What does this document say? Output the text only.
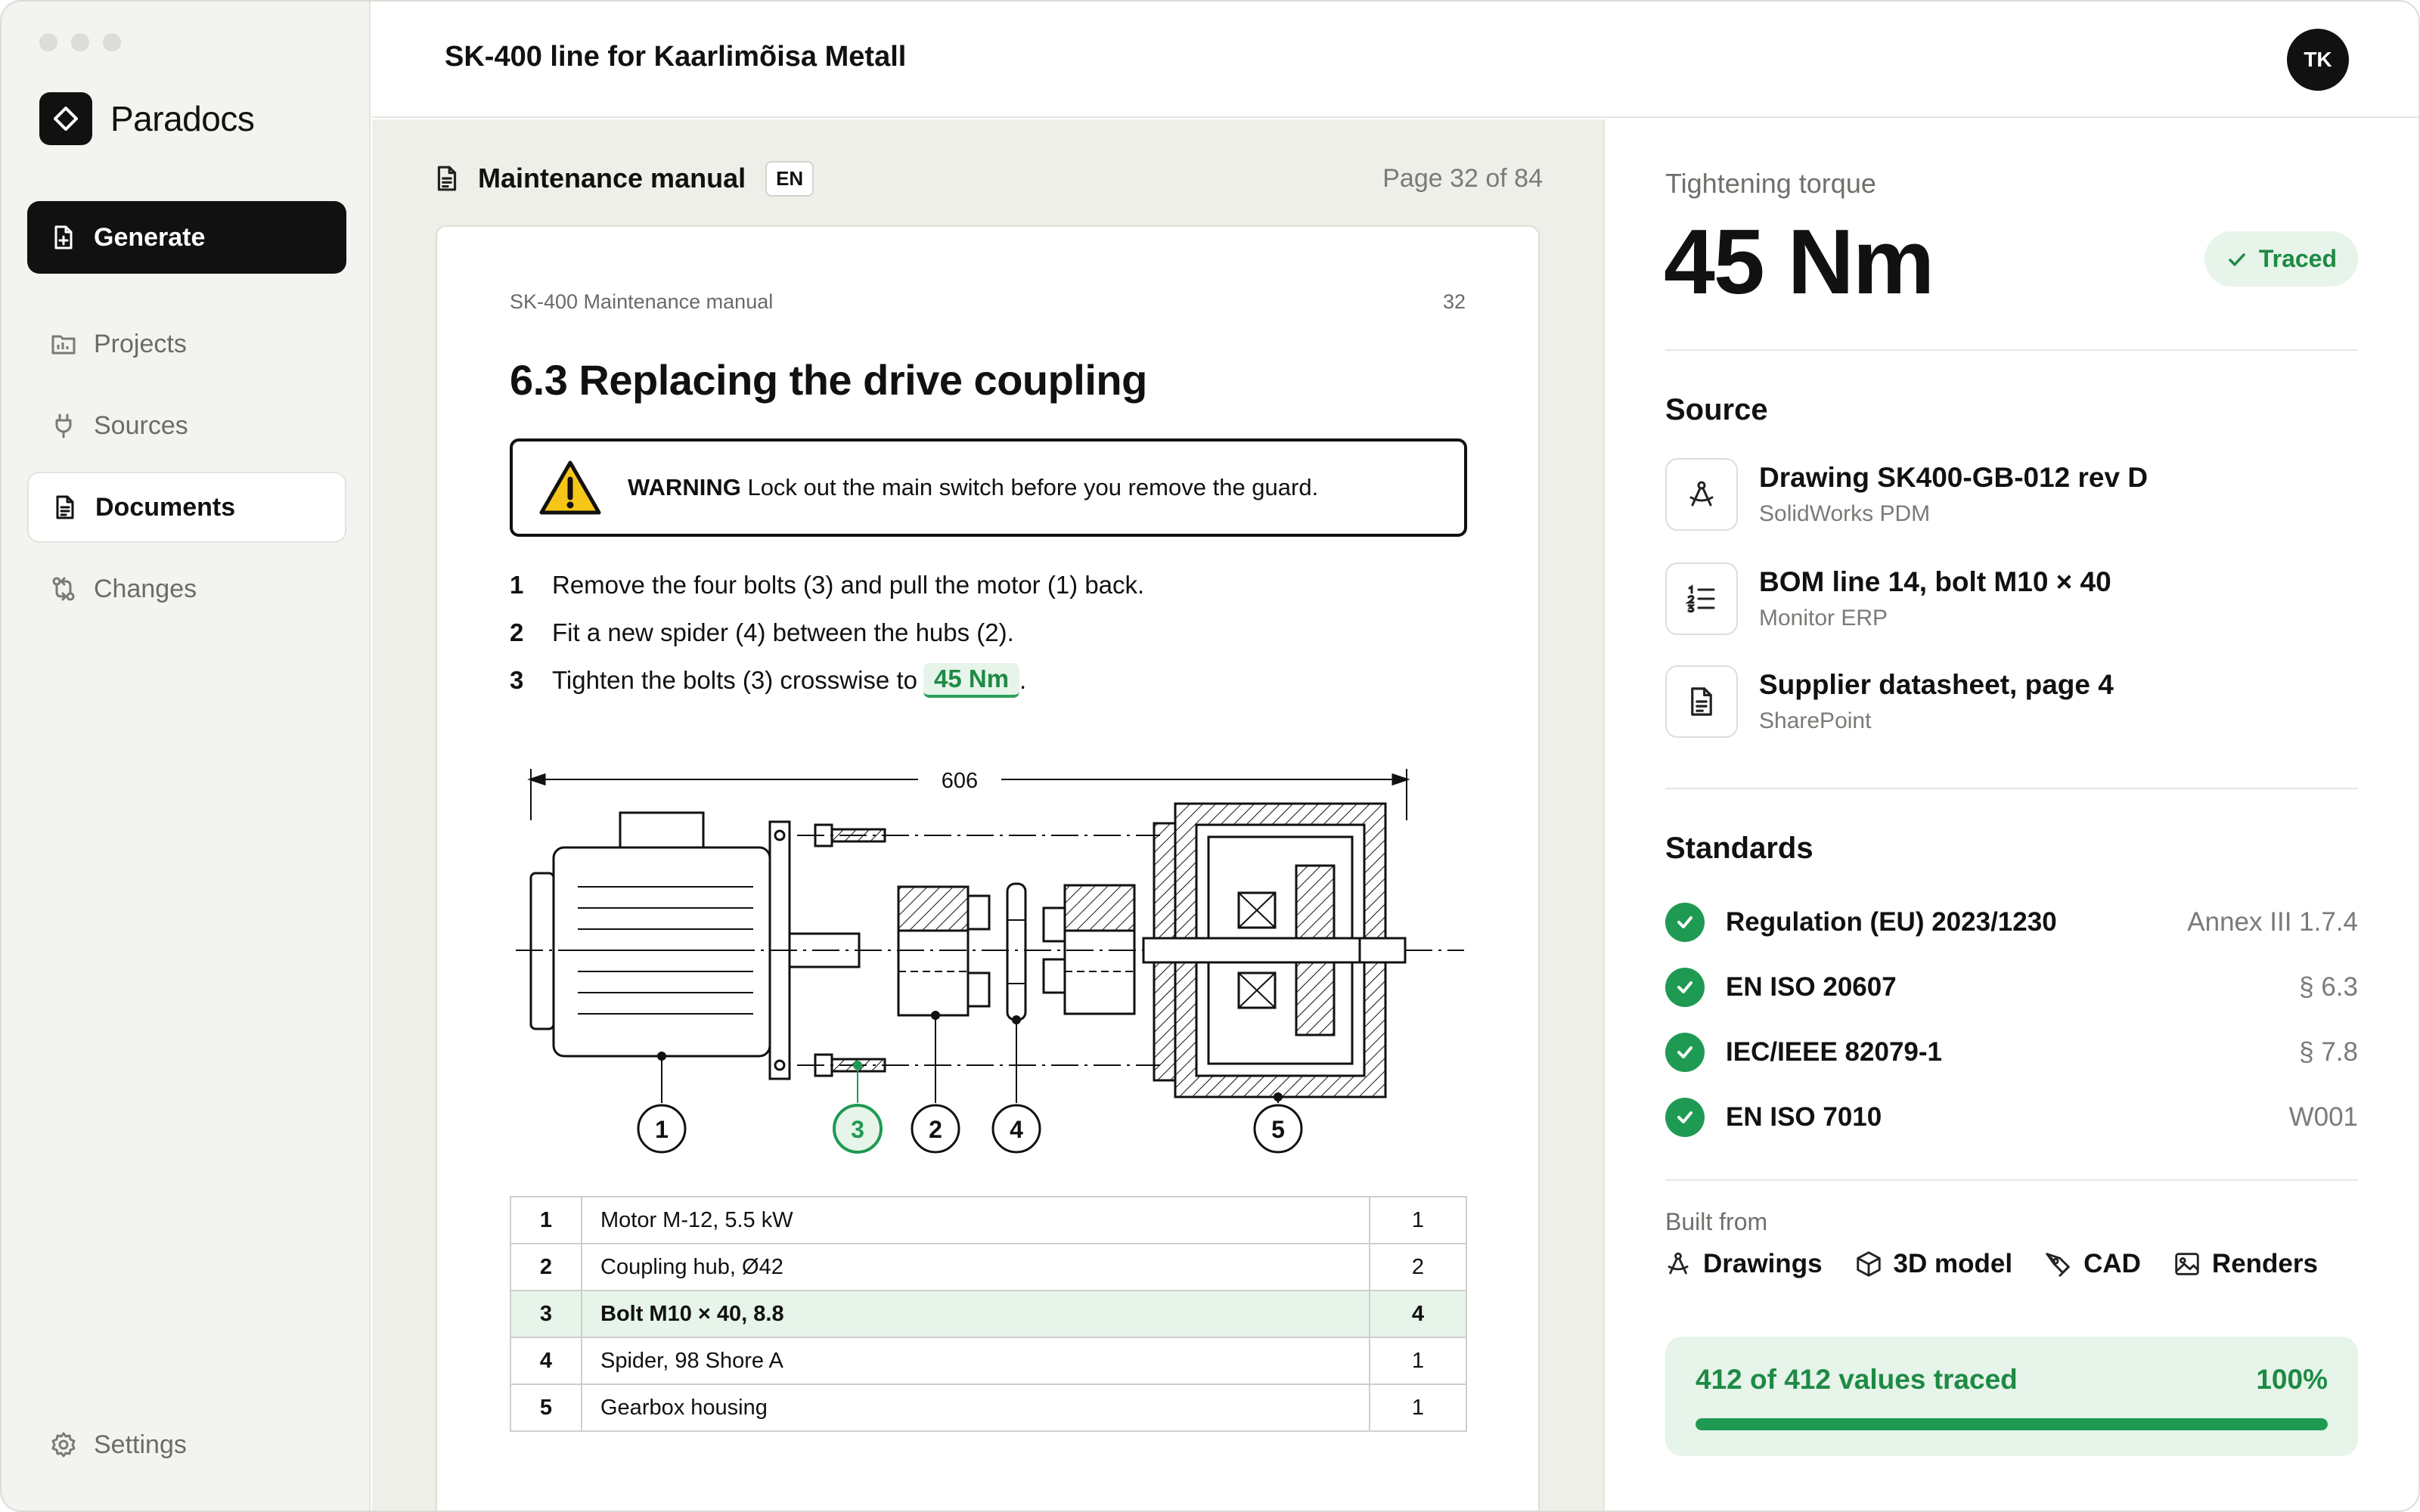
Paradocs
Generate
Projects
Sources
Documents
Changes
Settings
SK-400 line for Kaarlimõisa Metall	TK
Maintenance manual	EN	Page 32 of 84
SK-400 Maintenance manual	32
6.3 Replacing the drive coupling
WARNING Lock out the main switch before you remove the guard.
1	Remove the four bolts (3) and pull the motor (1) back.
2	Fit a new spider (4) between the hubs (2).
3	Tighten the bolts (3) crosswise to 45 Nm .
606
1	3	2	4	5
1	Motor M-12, 5.5 kW	1
2	Coupling hub, Ø42	2
3	Bolt M10 × 40, 8.8	4
4	Spider, 98 Shore A	1
5	Gearbox housing	1
Tightening torque
45 Nm	Traced
Source
Drawing SK400-GB-012 rev D
SolidWorks PDM
BOM line 14, bolt M10 × 40
Monitor ERP
Supplier datasheet, page 4
SharePoint
Standards
Regulation (EU) 2023/1230	Annex III 1.7.4
EN ISO 20607	§ 6.3
IEC/IEEE 82079-1	§ 7.8
EN ISO 7010	W001
Built from
Drawings	3D model	CAD	Renders
412 of 412 values traced	100%
